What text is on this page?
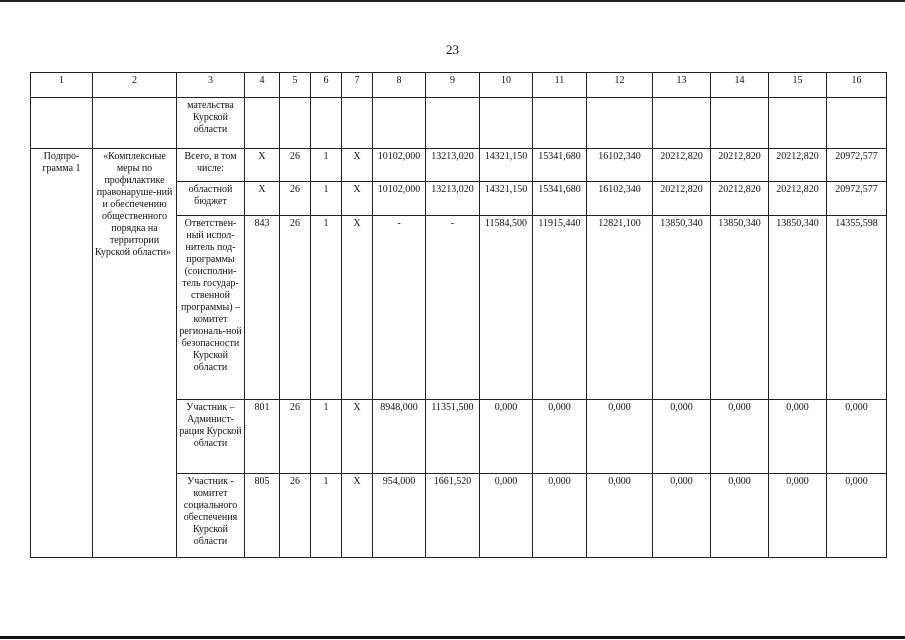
23
1	2	3	4	5	6	7	8	9	10	11	12	13	14	15	16
		мательства Курской области													
Подпро-грамма 1	«Комплексные меры по профилактике правонаруше-ний и обеспечению общественного порядка на территории Курской области»	Всего, в том числе:	Х	26	1	Х	10102,000	13213,020	14321,150	15341,680	16102,340	20212,820	20212,820	20212,820	20972,577
		областной бюджет	Х	26	1	Х	10102,000	13213,020	14321,150	15341,680	16102,340	20212,820	20212,820	20212,820	20972,577
		Ответствен-ный испол-нитель под-программы (соисполни-тель государ-ственной программы) – комитет региональ-ной безопасности Курской области	843	26	1	Х	-	-	11584,500	11915,440	12821,100	13850,340	13850,340	13850,340	14355,598
		Участник – Админист-рация Курской области	801	26	1	Х	8948,000	11351,500	0,000	0,000	0,000	0,000	0,000	0,000	0,000
		Участник - комитет социального обеспечения Курской области	805	26	1	Х	954,000	1661,520	0,000	0,000	0,000	0,000	0,000	0,000	0,000
